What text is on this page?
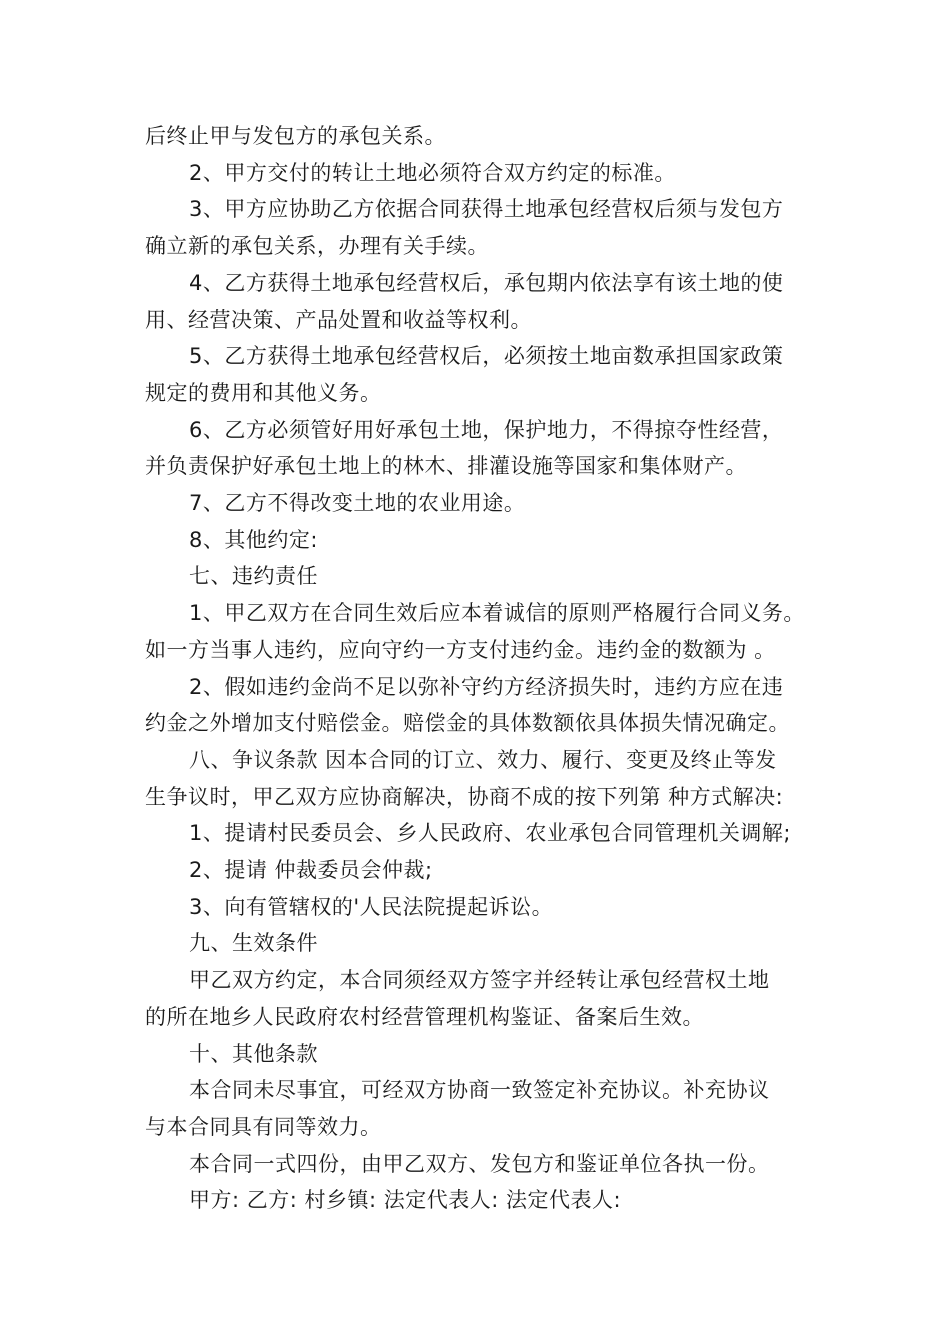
后终止甲与发包方的承包关系。

2、甲方交付的转让土地必须符合双方约定的标准。

3、甲方应协助乙方依据合同获得土地承包经营权后须与发包方

确立新的承包关系，办理有关手续。

4、乙方获得土地承包经营权后，承包期内依法享有该土地的使

用、经营决策、产品处置和收益等权利。

5、乙方获得土地承包经营权后，必须按土地亩数承担国家政策

规定的费用和其他义务。

6、乙方必须管好用好承包土地，保护地力，不得掠夺性经营，

并负责保护好承包土地上的林木、排灌设施等国家和集体财产。

7、乙方不得改变土地的农业用途。

8、其他约定:

七、违约责任

1、甲乙双方在合同生效后应本着诚信的原则严格履行合同义务。

如一方当事人违约，应向守约一方支付违约金。违约金的数额为 。

2、假如违约金尚不足以弥补守约方经济损失时，违约方应在违

约金之外增加支付赔偿金。赔偿金的具体数额依具体损失情况确定。

八、争议条款 因本合同的订立、效力、履行、变更及终止等发

生争议时，甲乙双方应协商解决，协商不成的按下列第 种方式解决:

1、提请村民委员会、乡人民政府、农业承包合同管理机关调解;

2、提请 仲裁委员会仲裁;

3、向有管辖权的'人民法院提起诉讼。

九、生效条件

甲乙双方约定，本合同须经双方签字并经转让承包经营权土地

的所在地乡人民政府农村经营管理机构鉴证、备案后生效。

十、其他条款

本合同未尽事宜，可经双方协商一致签定补充协议。补充协议

与本合同具有同等效力。

本合同一式四份，由甲乙双方、发包方和鉴证单位各执一份。

甲方: 乙方: 村乡镇: 法定代表人: 法定代表人:
